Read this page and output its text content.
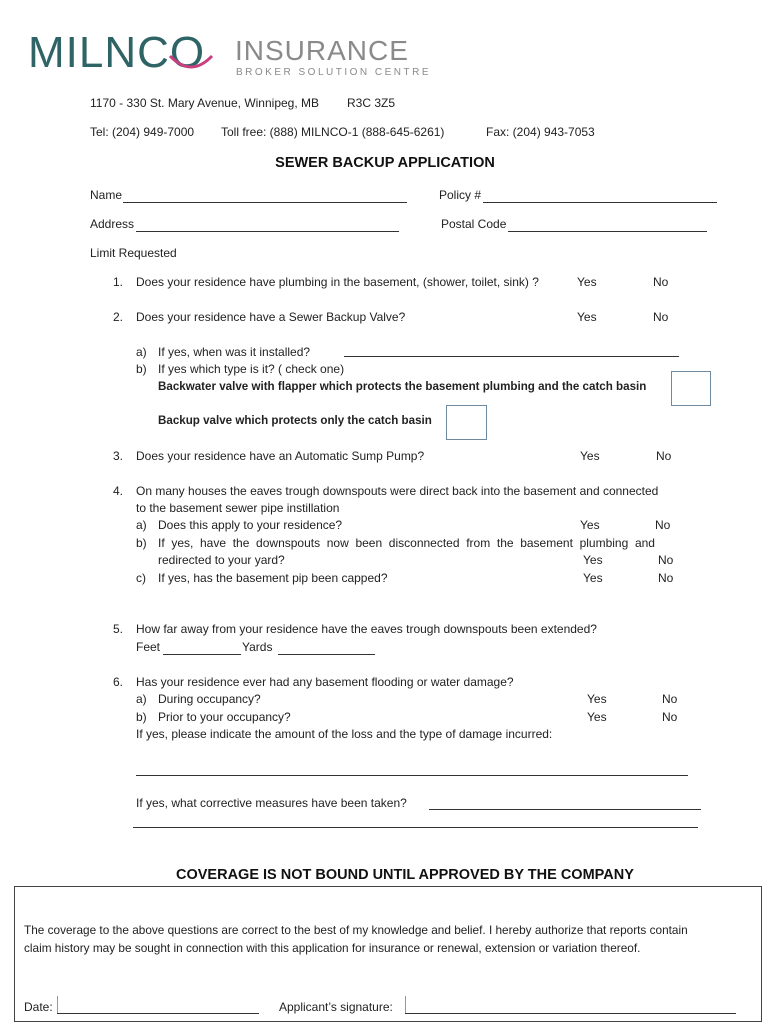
MILNCO INSURANCE
BROKER SOLUTION CENTRE
1170 - 330 St. Mary Avenue, Winnipeg, MB R3C 3Z5
Tel: (204) 949-7000 Toll free: (888) MILNCO-1 (888-645-6261)	Fax: (204) 943-7053
SEWER BACKUP APPLICATION
Name	Policy #
Address	Postal Code
Limit Requested
1. Does your residence have plumbing in the basement, (shower, toilet, sink) ?	Yes	No
2. Does your residence have a Sewer Backup Valve?	Yes	No
a) If yes, when was it installed?
b) If yes which type is it? ( check one)
Backwater valve with flapper which protects the basement plumbing and the catch basin
Backup valve which protects only the catch basin
3. Does your residence have an Automatic Sump Pump?	Yes	No
4. On many houses the eaves trough downspouts were direct back into the basement and connected
to the basement sewer pipe instillation
a) Does this apply to your residence?	Yes	No
b) If  yes,  have  the  downspouts  now  been  disconnected  from  the  basement  plumbing  and
redirected to your yard?	Yes	No
c) If yes, has the basement pip been capped?	Yes	No
5. How far away from your residence have the eaves trough downspouts been extended?
Feet	Yards
6. Has your residence ever had any basement flooding or water damage?
a) During occupancy?	Yes	No
b) Prior to your occupancy?	Yes	No
If yes, please indicate the amount of the loss and the type of damage incurred:
If yes, what corrective measures have been taken?
COVERAGE IS NOT BOUND UNTIL APPROVED BY THE COMPANY
The coverage to the above questions are correct to the best of my knowledge and belief. I hereby authorize that reports contain
claim history may be sought in connection with this application for insurance or renewal, extension or variation thereof.
Date:	Applicant’s signature:
